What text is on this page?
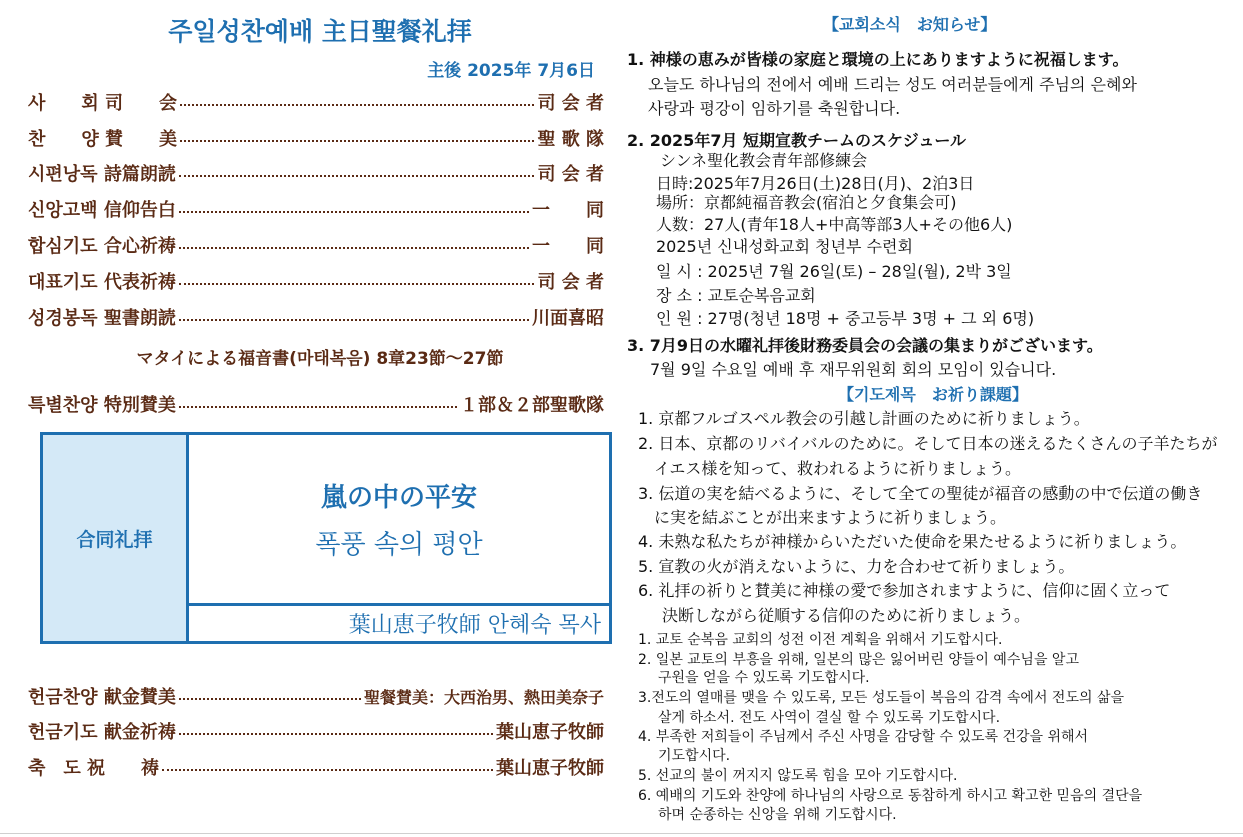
주일성찬예배 主日聖餐礼拝
主後 2025年 7月6日
사　　회 司　　会	司 会 者
찬　　양 賛　　美	聖 歌 隊
시편낭독 詩篇朗読	司 会 者
신앙고백 信仰告白	一　　同
합심기도 合心祈祷	一　　同
대표기도 代表祈祷	司 会 者
성경봉독 聖書朗読	川面喜昭
マタイによる福音書(마태복음) 8章23節～27節
특별찬양 特別賛美	１部＆２部聖歌隊
合同礼拝
嵐の中の平安
폭풍 속의 평안
葉山恵子牧師 안혜숙 목사
헌금찬양 献金賛美	聖餐賛美：大西治男、熱田美奈子
헌금기도 献金祈祷	葉山恵子牧師
축　도 祝　　祷	葉山恵子牧師
【교회소식　お知らせ】
1. 神様の恵みが皆様の家庭と環境の上にありますように祝福します。
오늘도 하나님의 전에서 예배 드리는 성도 여러분들에게 주님의 은혜와
사랑과 평강이 임하기를 축원합니다.
2. 2025年7月 短期宣教チームのスケジュール
シンネ聖化教会青年部修練会
日時:2025年7月26日(土)28日(月)、2泊3日
場所：京都純福音教会(宿泊と夕食集会可)
人数：27人(青年18人+中高等部3人+その他6人)
2025년 신내성화교회 청년부 수련회
일 시 : 2025년 7월 26일(토) – 28일(월), 2박 3일
장 소 : 교토순복음교회
인 원 : 27명(청년 18명 + 중고등부 3명 + 그 외 6명)
3. 7月9日の水曜礼拝後財務委員会の会議の集まりがございます。
7월 9일 수요일 예배 후 재무위원회 회의 모임이 있습니다.
【기도제목　お祈り課題】
1. 京都フルゴスペル教会の引越し計画のために祈りましょう。
2. 日本、京都のリバイバルのために。そして日本の迷えるたくさんの子羊たちが
イエス様を知って、救われるように祈りましょう。
3. 伝道の実を結べるように、そして全ての聖徒が福音の感動の中で伝道の働き
に実を結ぶことが出来ますように祈りましょう。
4. 未熟な私たちが神様からいただいた使命を果たせるように祈りましょう。
5. 宣教の火が消えないように、力を合わせて祈りましょう。
6. 礼拝の祈りと賛美に神様の愛で参加されますように、信仰に固く立って
決断しながら従順する信仰のために祈りましょう。
1. 교토 순복음 교회의 성전 이전 계획을 위해서 기도합시다.
2. 일본 교토의 부흥을 위해, 일본의 많은 잃어버린 양들이 예수님을 알고
구원을 얻을 수 있도록 기도합시다.
3.전도의 열매를 맺을 수 있도록, 모든 성도들이 복음의 감격 속에서 전도의 삶을
살게 하소서. 전도 사역이 결실 할 수 있도록 기도합시다.
4. 부족한 저희들이 주님께서 주신 사명을 감당할 수 있도록 건강을 위해서
기도합시다.
5. 선교의 불이 꺼지지 않도록 힘을 모아 기도합시다.
6. 예배의 기도와 찬양에 하나님의 사랑으로 동참하게 하시고 확고한 믿음의 결단을
하며 순종하는 신앙을 위해 기도합시다.
